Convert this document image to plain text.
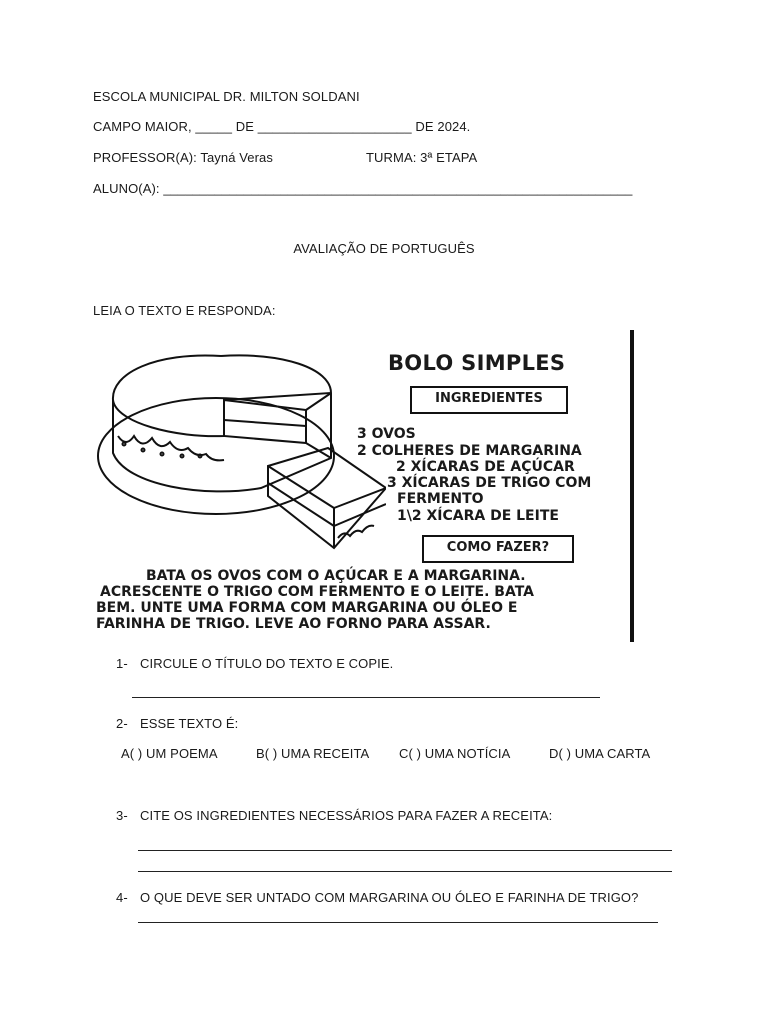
ESCOLA MUNICIPAL DR. MILTON SOLDANI
CAMPO MAIOR, _____ DE _____________________ DE 2024.
PROFESSOR(A): Tayná Veras	TURMA: 3ª ETAPA
ALUNO(A): ________________________________________________________________
AVALIAÇÃO DE PORTUGUÊS
LEIA O TEXTO E RESPONDA:
BOLO SIMPLES
INGREDIENTES
3 OVOS
2 COLHERES DE MARGARINA
2 XÍCARAS DE AÇÚCAR
3 XÍCARAS DE TRIGO COM
FERMENTO
1\2 XÍCARA DE LEITE
COMO FAZER?
BATA OS OVOS COM O AÇÚCAR E A MARGARINA.
ACRESCENTE O TRIGO COM FERMENTO E O LEITE. BATA
BEM. UNTE UMA FORMA COM MARGARINA OU ÓLEO E
FARINHA DE TRIGO. LEVE AO FORNO PARA ASSAR.
1- CIRCULE O TÍTULO DO TEXTO E COPIE.
2- ESSE TEXTO É:
A( ) UM POEMA	B( ) UMA RECEITA C( ) UMA NOTÍCIA	D( ) UMA CARTA
3- CITE OS INGREDIENTES NECESSÁRIOS PARA FAZER A RECEITA:
4- O QUE DEVE SER UNTADO COM MARGARINA OU ÓLEO E FARINHA DE TRIGO?
